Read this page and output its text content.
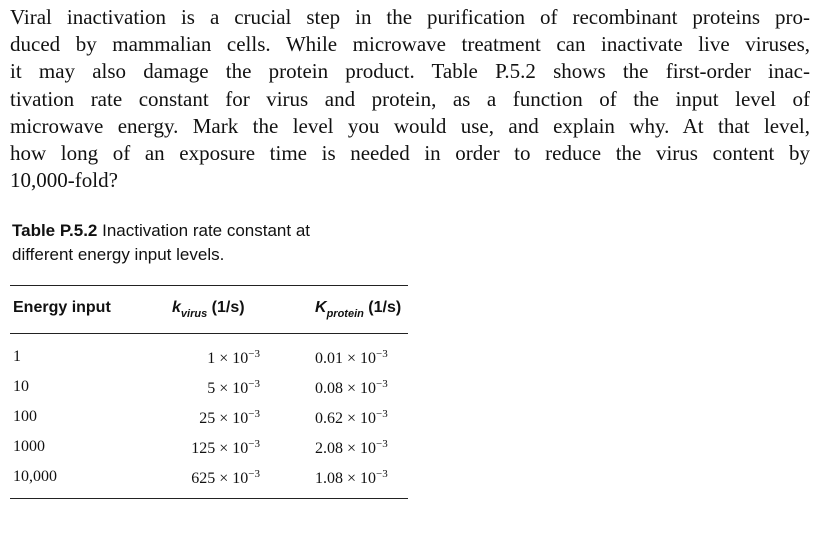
Viral inactivation is a crucial step in the purification of recombinant proteins pro-
duced by mammalian cells. While microwave treatment can inactivate live viruses,
it may also damage the protein product. Table P.5.2 shows the first-order inac-
tivation rate constant for virus and protein, as a function of the input level of
microwave energy. Mark the level you would use, and explain why. At that level,
how long of an exposure time is needed in order to reduce the virus content by
10,000-fold?
Table P.5.2 Inactivation rate constant at
different energy input levels.
Energy input	$k_{virus}$ (1/s)	$K_{protein}$ (1/s)
1	$1 \times 10^{-3}$	$0.01 \times 10^{-3}$
10	$5 \times 10^{-3}$	$0.08 \times 10^{-3}$
100	$25 \times 10^{-3}$	$0.62 \times 10^{-3}$
1000	$125 \times 10^{-3}$	$2.08 \times 10^{-3}$
10,000	$625 \times 10^{-3}$	$1.08 \times 10^{-3}$
